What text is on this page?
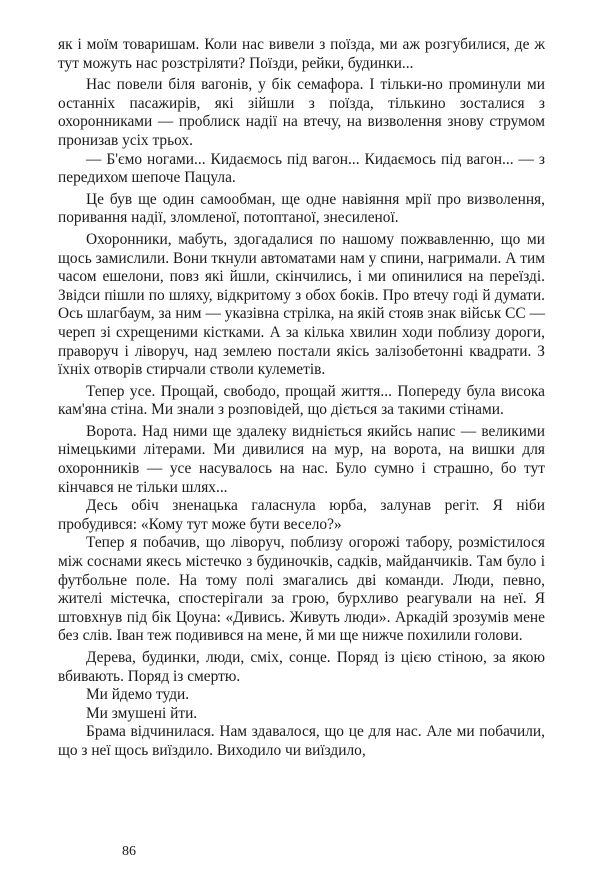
як і моїм товаришам. Коли нас вивели з поїзда, ми аж розгубилися, де ж тут можуть нас розстріляти? Поїзди, рейки, будинки...

Нас повели біля вагонів, у бік семафора. І тільки-но проминули ми останніх пасажирів, які зійшли з поїзда, тількино зосталися з охоронниками — проблиск надії на втечу, на визволення знову струмом пронизав усіх трьох.

— Б'ємо ногами... Кидаємось під вагон... Кидаємось під вагон... — з передихом шепоче Пацула.

Це був ще один самообман, ще одне навіяння мрії про визволення, поривання надії, зломленої, потоптаної, знесиленої.

Охоронники, мабуть, здогадалися по нашому пожвавленню, що ми щось замислили. Вони ткнули автоматами нам у спини, нагримали. А тим часом ешелони, повз які йшли, скінчились, і ми опинилися на переїзді. Звідси пішли по шляху, відкритому з обох боків. Про втечу годі й думати. Ось шлагбаум, за ним — указівна стрілка, на якій стояв знак військ СС — череп зі схрещеними кістками. А за кілька хвилин ходи поблизу дороги, праворуч і ліворуч, над землею постали якісь залізобетонні квадрати. З їхніх отворів стирчали стволи кулеметів.

Тепер усе. Прощай, свободо, прощай життя... Попереду була висока кам'яна стіна. Ми знали з розповідей, що діється за такими стінами.

Ворота. Над ними ще здалеку видніється якийсь напис — великими німецькими літерами. Ми дивилися на мур, на ворота, на вишки для охоронників — усе насувалось на нас. Було сумно і страшно, бо тут кінчався не тільки шлях...

Десь обіч зненацька галаснула юрба, залунав регіт. Я ніби пробудився: «Кому тут може бути весело?»

Тепер я побачив, що ліворуч, поблизу огорожі табору, розмістилося між соснами якесь містечко з будиночків, садків, майданчиків. Там було і футбольне поле. На тому полі змагались дві команди. Люди, певно, жителі містечка, спостерігали за грою, бурхливо реагували на неї. Я штовхнув під бік Цоуна: «Дивись. Живуть люди». Аркадій зрозумів мене без слів. Іван теж подивився на мене, й ми ще нижче похилили голови.

Дерева, будинки, люди, сміх, сонце. Поряд із цією стіною, за якою вбивають. Поряд із смертю.

Ми йдемо туди.

Ми змушені йти.

Брама відчинилася. Нам здавалося, що це для нас. Але ми побачили, що з неї щось виїздило. Виходило чи виїздило,

86
